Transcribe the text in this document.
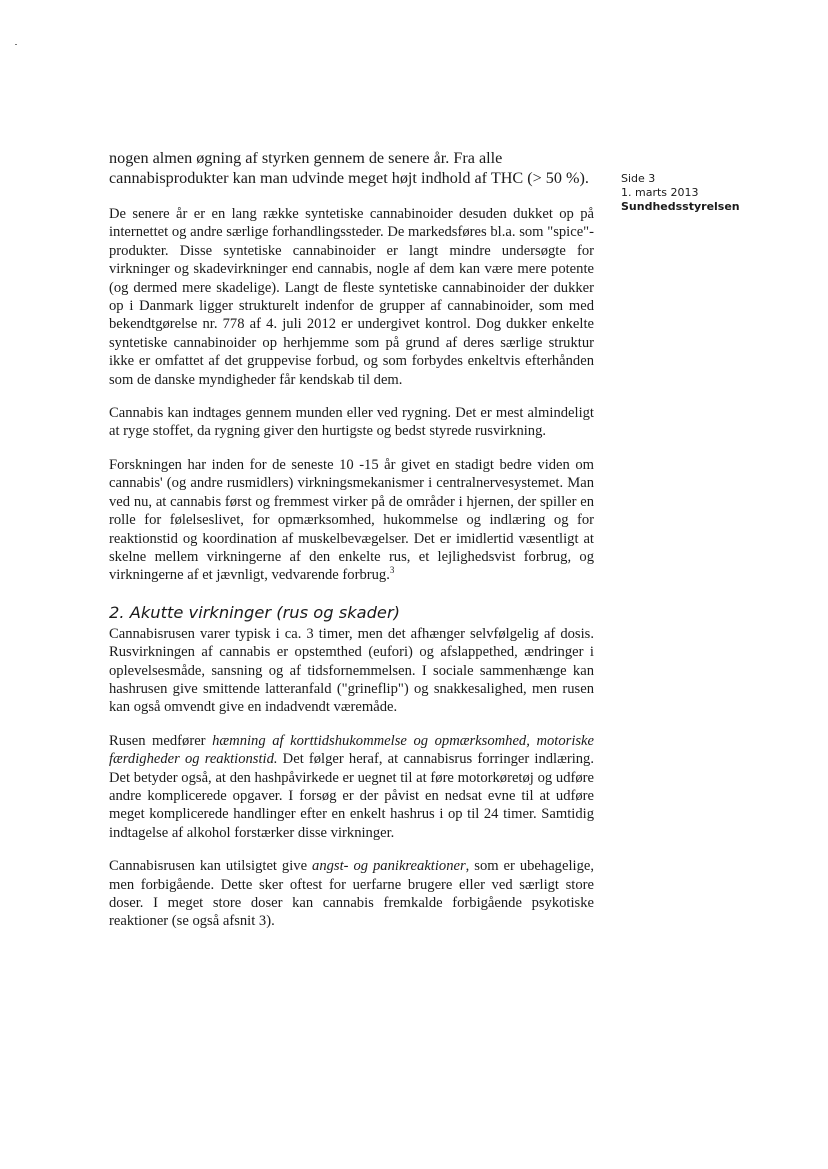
nogen almen øgning af styrken gennem de senere år. Fra alle cannabisprodukter kan man udvinde meget højt indhold af THC (> 50 %).

De senere år er en lang række syntetiske cannabinoider desuden dukket op på internettet og andre særlige forhandlingssteder. De markedsføres bl.a. som "spice"-produkter. Disse syntetiske cannabinoider er langt mindre undersøgte for virkninger og skadevirkninger end cannabis, nogle af dem kan være mere potente (og dermed mere skadelige). Langt de fleste syntetiske cannabinoider der dukker op i Danmark ligger strukturelt indenfor de grupper af cannabinoider, som med bekendtgørelse nr. 778 af 4. juli 2012 er undergivet kontrol. Dog dukker enkelte syntetiske cannabinoider op herhjemme som på grund af deres særlige struktur ikke er omfattet af det gruppevise forbud, og som forbydes enkeltvis efterhånden som de danske myndigheder får kendskab til dem.

Cannabis kan indtages gennem munden eller ved rygning. Det er mest almindeligt at ryge stoffet, da rygning giver den hurtigste og bedst styrede rusvirkning.

Forskningen har inden for de seneste 10 -15 år givet en stadigt bedre viden om cannabis' (og andre rusmidlers) virkningsmekanismer i centralnervesystemet. Man ved nu, at cannabis først og fremmest virker på de områder i hjernen, der spiller en rolle for følelseslivet, for opmærksomhed, hukommelse og indlæring og for reaktionstid og koordination af muskelbevægelser. Det er imidlertid væsentligt at skelne mellem virkningerne af den enkelte rus, et lejlighedsvist forbrug, og virkningerne af et jævnligt, vedvarende forbrug.$^3$

2. Akutte virkninger (rus og skader)

Cannabisrusen varer typisk i ca. 3 timer, men det afhænger selvfølgelig af dosis. Rusvirkningen af cannabis er opstemthed (eufori) og afslappethed, ændringer i oplevelsesmåde, sansning og af tidsfornemmelsen. I sociale sammenhænge kan hashrusen give smittende latteranfald ("grineflip") og snakkesalighed, men rusen kan også omvendt give en indadvendt væremåde.

Rusen medfører hæmning af korttidshukommelse og opmærksomhed, motoriske færdigheder og reaktionstid. Det følger heraf, at cannabisrus forringer indlæring. Det betyder også, at den hashpåvirkede er uegnet til at føre motorkøretøj og udføre andre komplicerede opgaver. I forsøg er der påvist en nedsat evne til at udføre meget komplicerede handlinger efter en enkelt hashrus i op til 24 timer. Samtidig indtagelse af alkohol forstærker disse virkninger.

Cannabisrusen kan utilsigtet give angst- og panikreaktioner, som er ubehagelige, men forbigående. Dette sker oftest for uerfarne brugere eller ved særligt store doser. I meget store doser kan cannabis fremkalde forbigående psykotiske reaktioner (se også afsnit 3).

Side 3
1. marts 2013
Sundhedsstyrelsen
